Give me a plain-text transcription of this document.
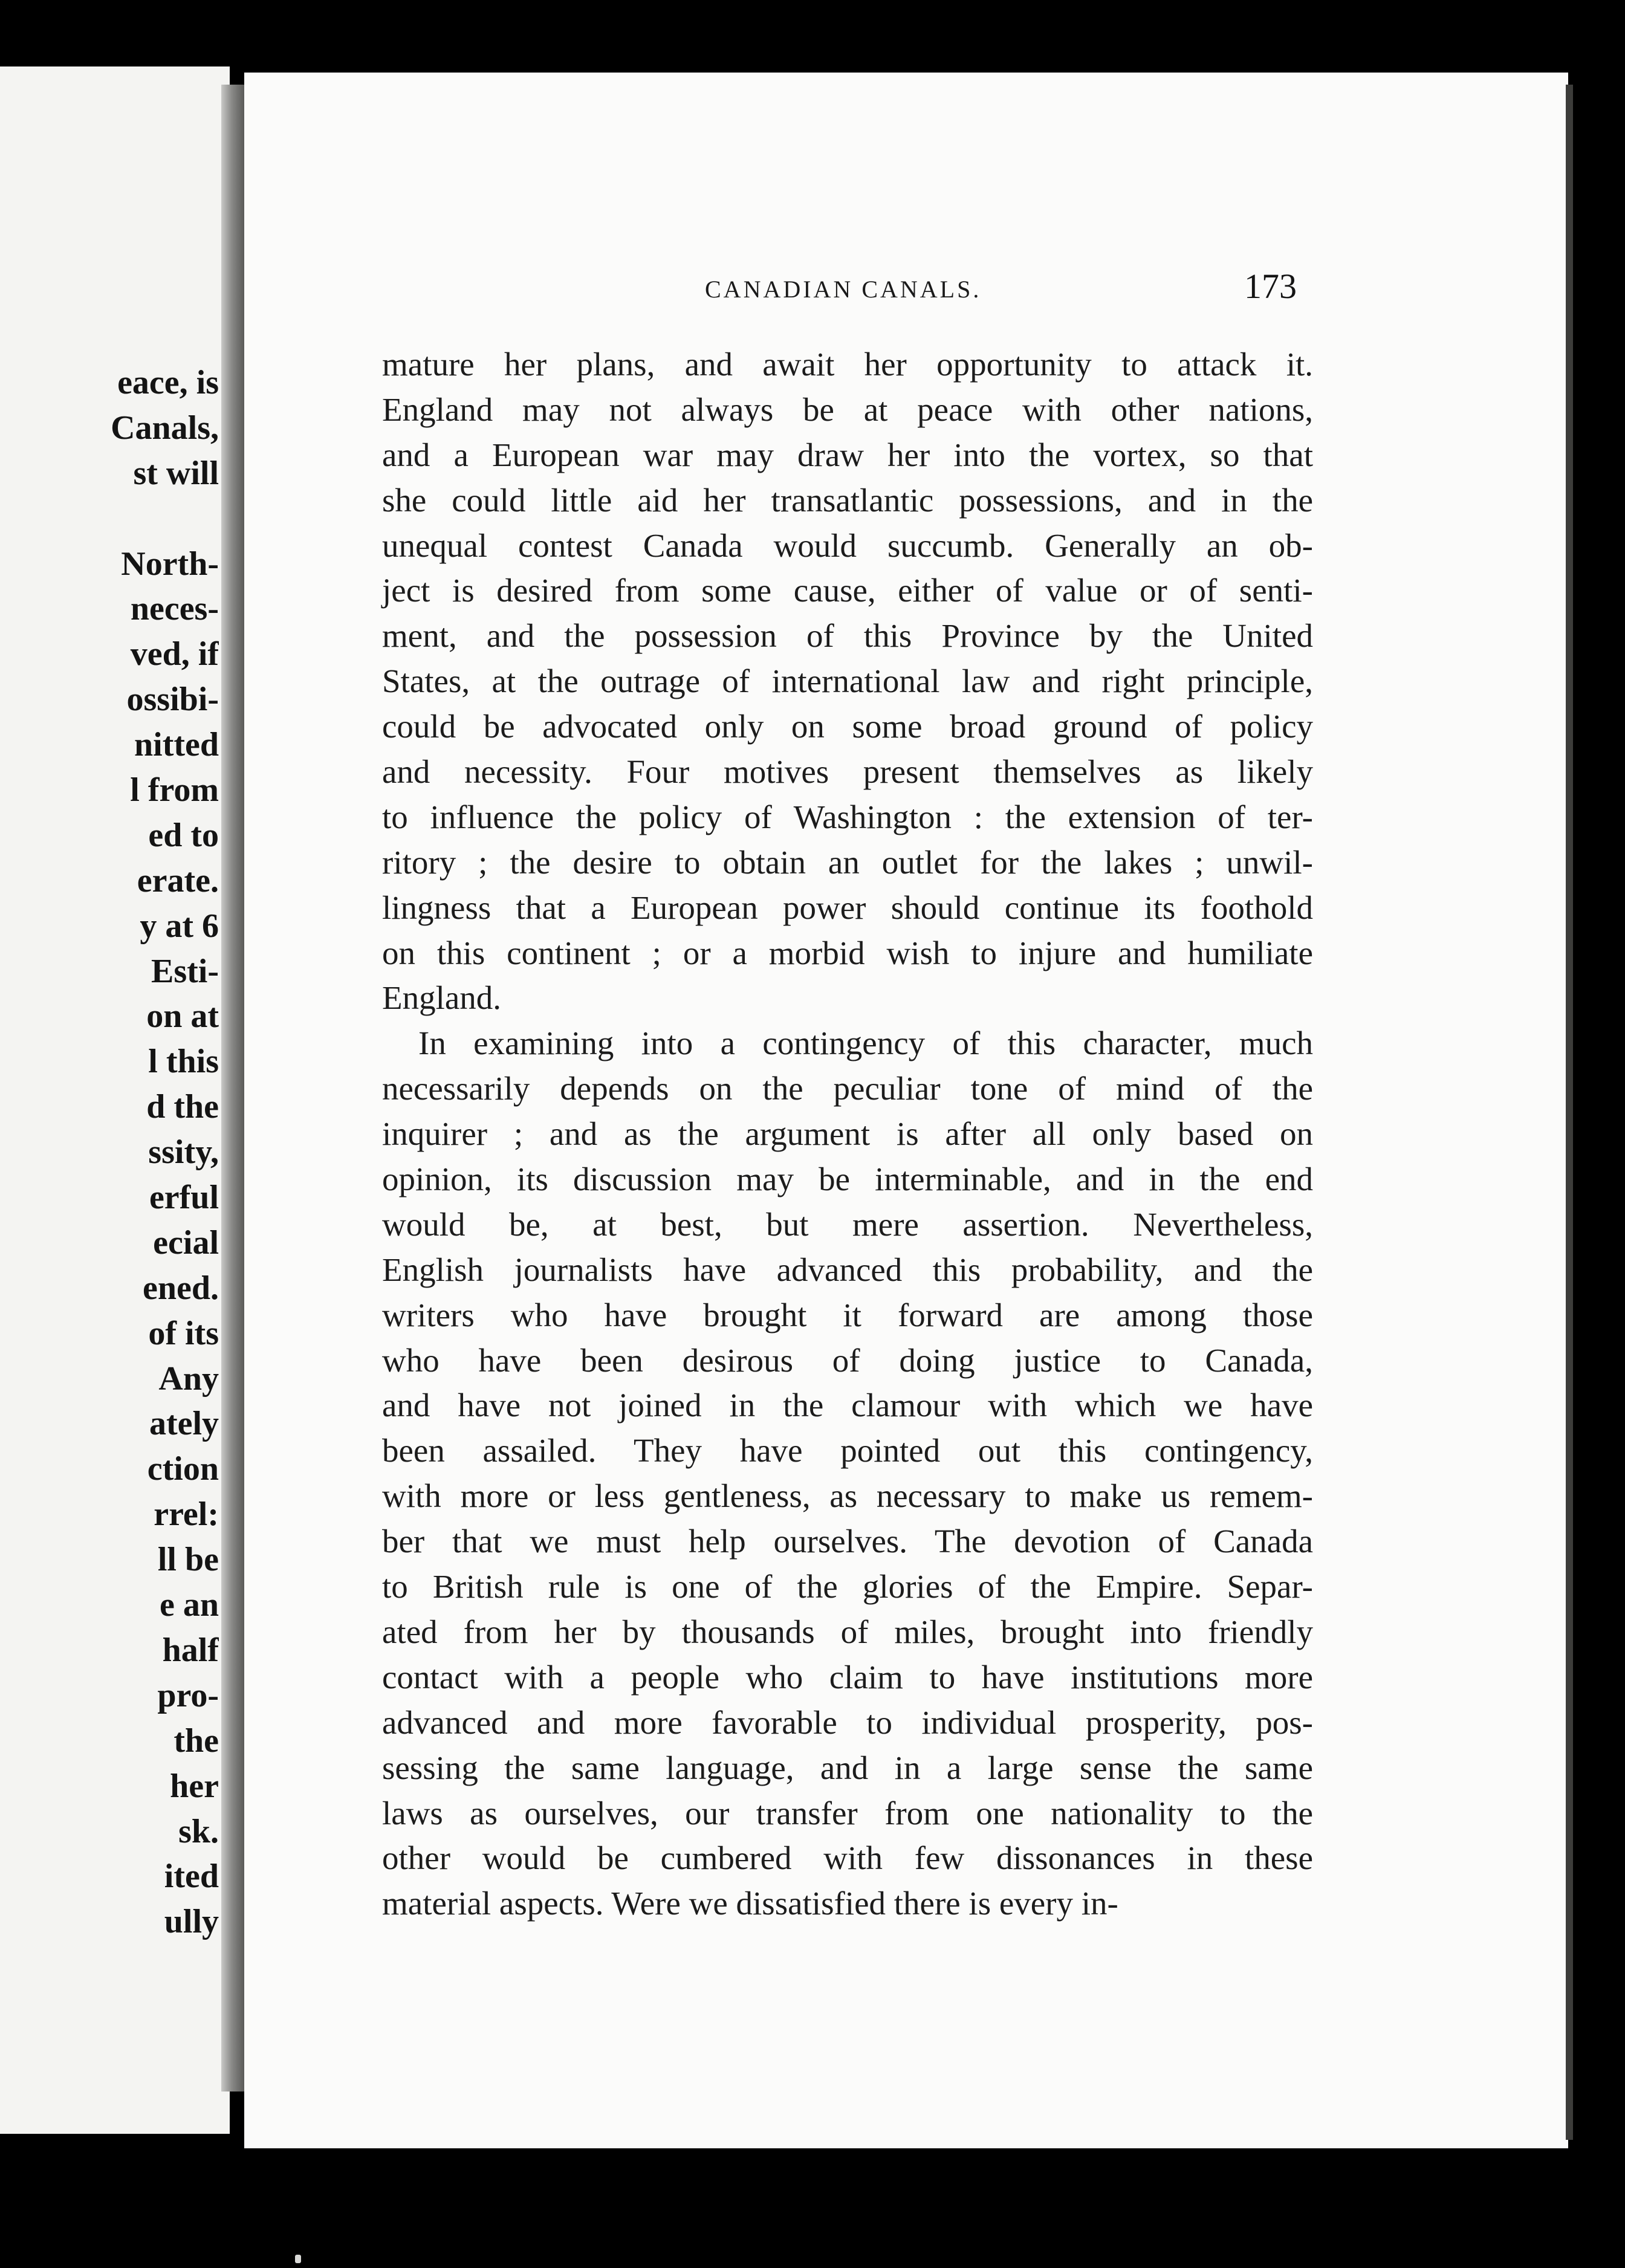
eace, is
Canals,
st will
North-
neces-
ved, if
ossibi-
nitted
l from
ed to
erate.
y at 6
Esti-
on at
l this
d the
ssity,
erful
ecial
ened.
of its
Any
ately
ction
rrel:
ll be
e an
half
pro-
the
her
sk.
ited
ully
CANADIAN CANALS.	173
mature her plans, and await her opportunity to attack it.
England may not always be at peace with other nations,
and a European war may draw her into the vortex, so that
she could little aid her transatlantic possessions, and in the
unequal contest Canada would succumb. Generally an ob-
ject is desired from some cause, either of value or of senti-
ment, and the possession of this Province by the United
States, at the outrage of international law and right principle,
could be advocated only on some broad ground of policy
and necessity. Four motives present themselves as likely
to influence the policy of Washington : the extension of ter-
ritory ; the desire to obtain an outlet for the lakes ; unwil-
lingness that a European power should continue its foothold
on this continent ; or a morbid wish to injure and humiliate
England.
In examining into a contingency of this character, much
necessarily depends on the peculiar tone of mind of the
inquirer ; and as the argument is after all only based on
opinion, its discussion may be interminable, and in the end
would be, at best, but mere assertion. Nevertheless,
English journalists have advanced this probability, and the
writers who have brought it forward are among those
who have been desirous of doing justice to Canada,
and have not joined in the clamour with which we have
been assailed. They have pointed out this contingency,
with more or less gentleness, as necessary to make us remem-
ber that we must help ourselves. The devotion of Canada
to British rule is one of the glories of the Empire. Separ-
ated from her by thousands of miles, brought into friendly
contact with a people who claim to have institutions more
advanced and more favorable to individual prosperity, pos-
sessing the same language, and in a large sense the same
laws as ourselves, our transfer from one nationality to the
other would be cumbered with few dissonances in these
material aspects. Were we dissatisfied there is every in-
